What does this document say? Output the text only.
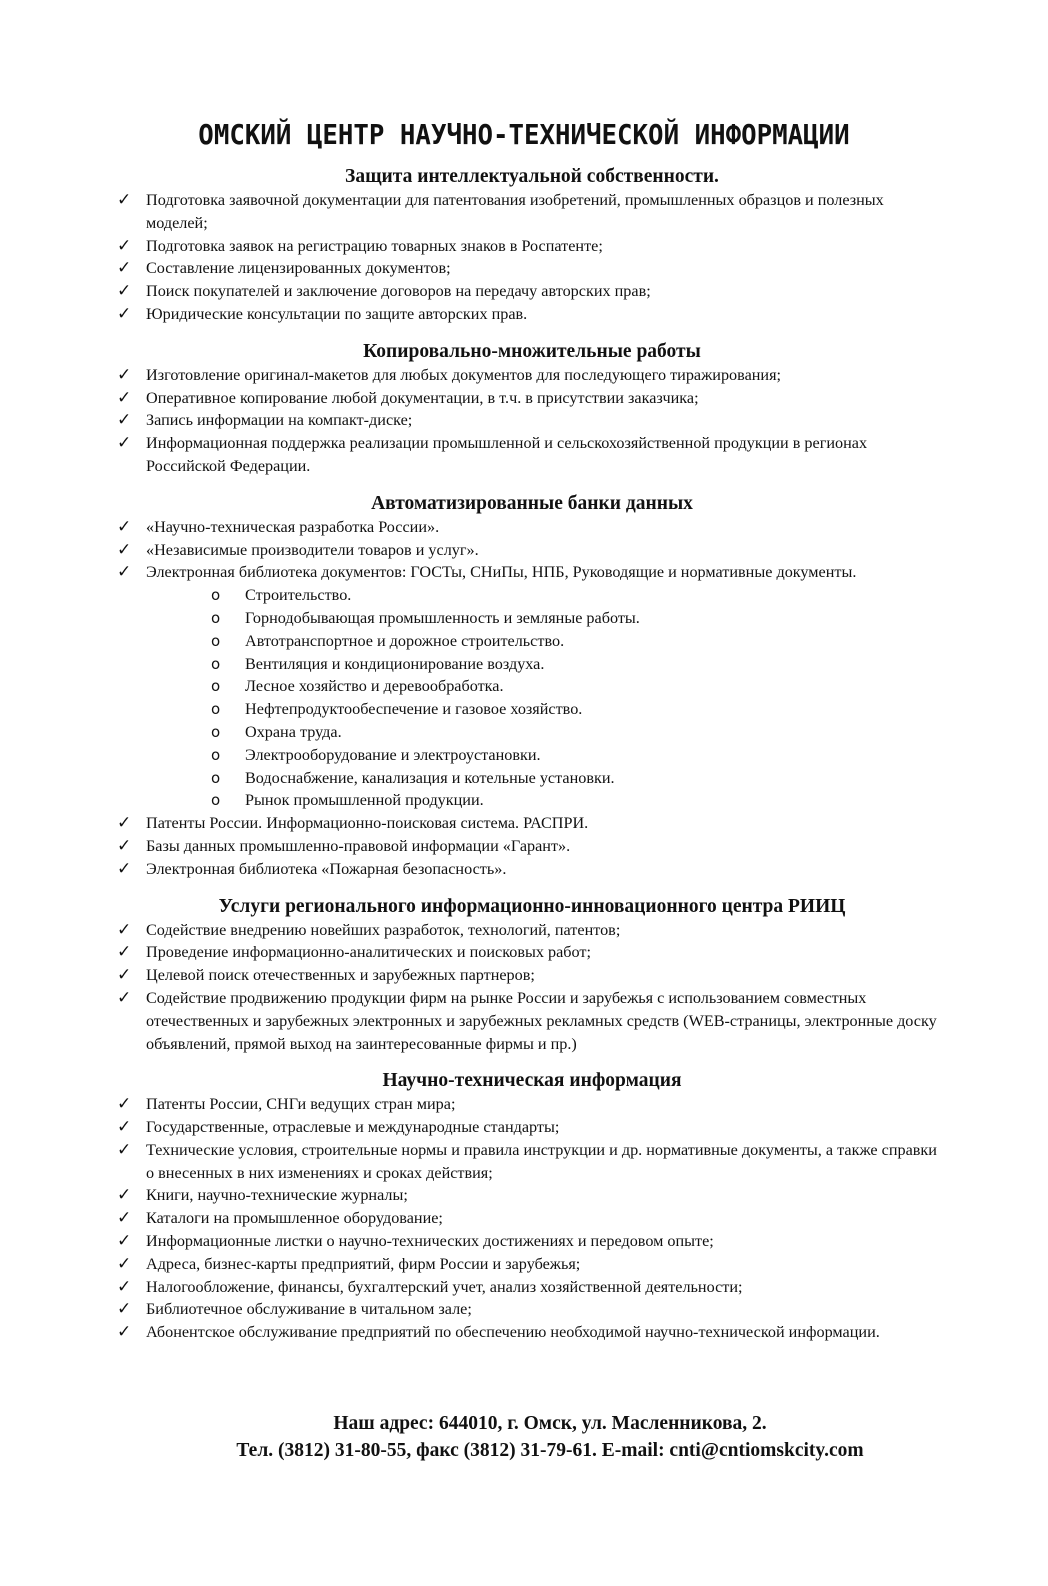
ОМСКИЙ ЦЕНТР НАУЧНО-ТЕХНИЧЕСКОЙ ИНФОРМАЦИИ
Защита интеллектуальной собственности.
✓ Подготовка заявочной документации для патентования изобретений, промышленных образцов и полезных моделей;
✓ Подготовка заявок на регистрацию товарных знаков в Роспатенте;
✓ Составление лицензированных документов;
✓ Поиск покупателей и заключение договоров на передачу авторских прав;
✓ Юридические консультации по защите авторских прав.
Копировально-множительные работы
✓ Изготовление оригинал-макетов для любых документов для последующего тиражирования;
✓ Оперативное копирование любой документации, в т.ч. в присутствии заказчика;
✓ Запись информации на компакт-диске;
✓ Информационная поддержка реализации промышленной и сельскохозяйственной продукции в регионах Российской Федерации.
Автоматизированные банки данных
✓ «Научно-техническая разработка России».
✓ «Независимые производители товаров и услуг».
✓ Электронная библиотека документов: ГОСТы, СНиПы, НПБ, Руководящие и нормативные документы.
o Строительство.
o Горнодобывающая промышленность и земляные работы.
o Автотранспортное и дорожное строительство.
o Вентиляция и кондиционирование воздуха.
o Лесное хозяйство и деревообработка.
o Нефтепродуктообеспечение и газовое хозяйство.
o Охрана труда.
o Электрооборудование и электроустановки.
o Водоснабжение, канализация и котельные установки.
o Рынок промышленной продукции.
✓ Патенты России. Информационно-поисковая система. РАСПРИ.
✓ Базы данных промышленно-правовой информации «Гарант».
✓ Электронная библиотека «Пожарная безопасность».
Услуги регионального информационно-инновационного центра РИИЦ
✓ Содействие внедрению новейших разработок, технологий, патентов;
✓ Проведение информационно-аналитических и поисковых работ;
✓ Целевой поиск отечественных и зарубежных партнеров;
✓ Содействие продвижению продукции фирм на рынке России и зарубежья с использованием совместных отечественных и зарубежных электронных и зарубежных рекламных средств (WEB-страницы, электронные доску объявлений, прямой выход на заинтересованные фирмы и пр.)
Научно-техническая информация
✓ Патенты России, СНГи ведущих стран мира;
✓ Государственные, отраслевые и международные стандарты;
✓ Технические условия, строительные нормы и правила инструкции и др. нормативные документы, а также справки о внесенных в них изменениях и сроках действия;
✓ Книги, научно-технические журналы;
✓ Каталоги на промышленное оборудование;
✓ Информационные листки о научно-технических достижениях и передовом опыте;
✓ Адреса, бизнес-карты предприятий, фирм России и зарубежья;
✓ Налогообложение, финансы, бухгалтерский учет, анализ хозяйственной деятельности;
✓ Библиотечное обслуживание в читальном зале;
✓ Абонентское обслуживание предприятий по обеспечению необходимой научно-технической информации.
Наш адрес: 644010, г. Омск, ул. Масленникова, 2.
Тел. (3812) 31-80-55, факс (3812) 31-79-61. E-mail: cnti@cntiomskcity.com
